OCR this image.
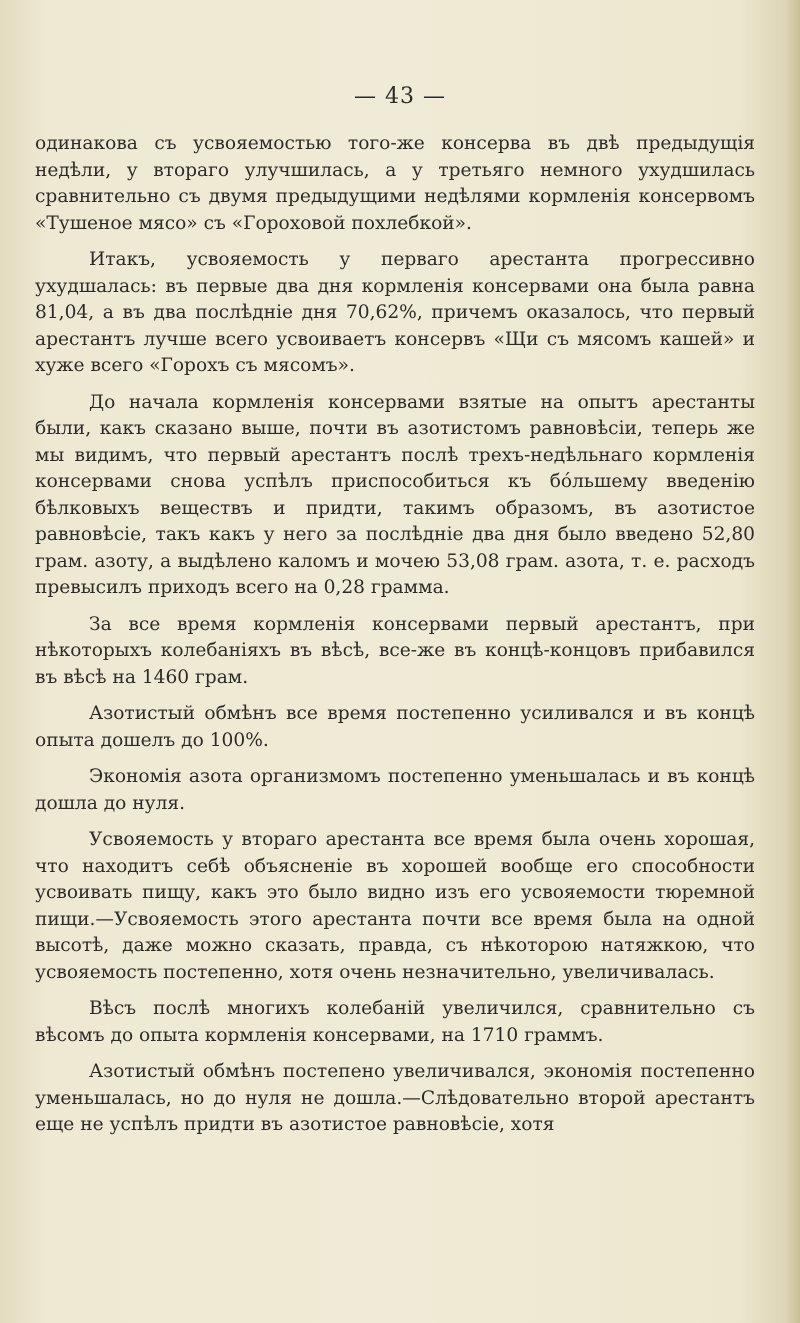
— 43 —

одинакова съ усвояемостью того-же консерва въ двѣ предыдущія недѣли, у втораго улучшилась, а у третьяго немного ухудшилась сравнительно съ двумя предыдущими недѣлями кормленія консервомъ «Тушеное мясо» съ «Гороховой похлебкой».

Итакъ, усвояемость у перваго арестанта прогрессивно ухудшалась: въ первые два дня кормленія консервами она была равна 81,04, а въ два послѣдніе дня 70,62%, причемъ оказалось, что первый арестантъ лучше всего усвоиваетъ консервъ «Щи съ мясомъ кашей» и хуже всего «Горохъ съ мясомъ».

До начала кормленія консервами взятые на опытъ арестанты были, какъ сказано выше, почти въ азотистомъ равновѣсіи, теперь же мы видимъ, что первый арестантъ послѣ трехъ-недѣльнаго кормленія консервами снова успѣлъ приспособиться къ бóльшему введенію бѣлковыхъ веществъ и придти, такимъ образомъ, въ азотистое равновѣсіе, такъ какъ у него за послѣдніе два дня было введено 52,80 грам. азоту, а выдѣлено каломъ и мочею 53,08 грам. азота, т. е. расходъ превысилъ приходъ всего на 0,28 грамма.

За все время кормленія консервами первый арестантъ, при нѣкоторыхъ колебаніяхъ въ вѣсѣ, все-же въ концѣ-концовъ прибавился въ вѣсѣ на 1460 грам.

Азотистый обмѣнъ все время постепенно усиливался и въ концѣ опыта дошелъ до 100%.

Экономія азота организмомъ постепенно уменьшалась и въ концѣ дошла до нуля.

Усвояемость у втораго арестанта все время была очень хорошая, что находитъ себѣ объясненіе въ хорошей вообще его способности усвоивать пищу, какъ это было видно изъ его усвояемости тюремной пищи.—Усвояемость этого арестанта почти все время была на одной высотѣ, даже можно сказать, правда, съ нѣкоторою натяжкою, что усвояемость постепенно, хотя очень незначительно, увеличивалась.

Вѣсъ послѣ многихъ колебаній увеличился, сравнительно съ вѣсомъ до опыта кормленія консервами, на 1710 граммъ.

Азотистый обмѣнъ постепено увеличивался, экономія постепенно уменьшалась, но до нуля не дошла.—Слѣдовательно второй арестантъ еще не успѣлъ придти въ азотистое равновѣсіе, хотя
